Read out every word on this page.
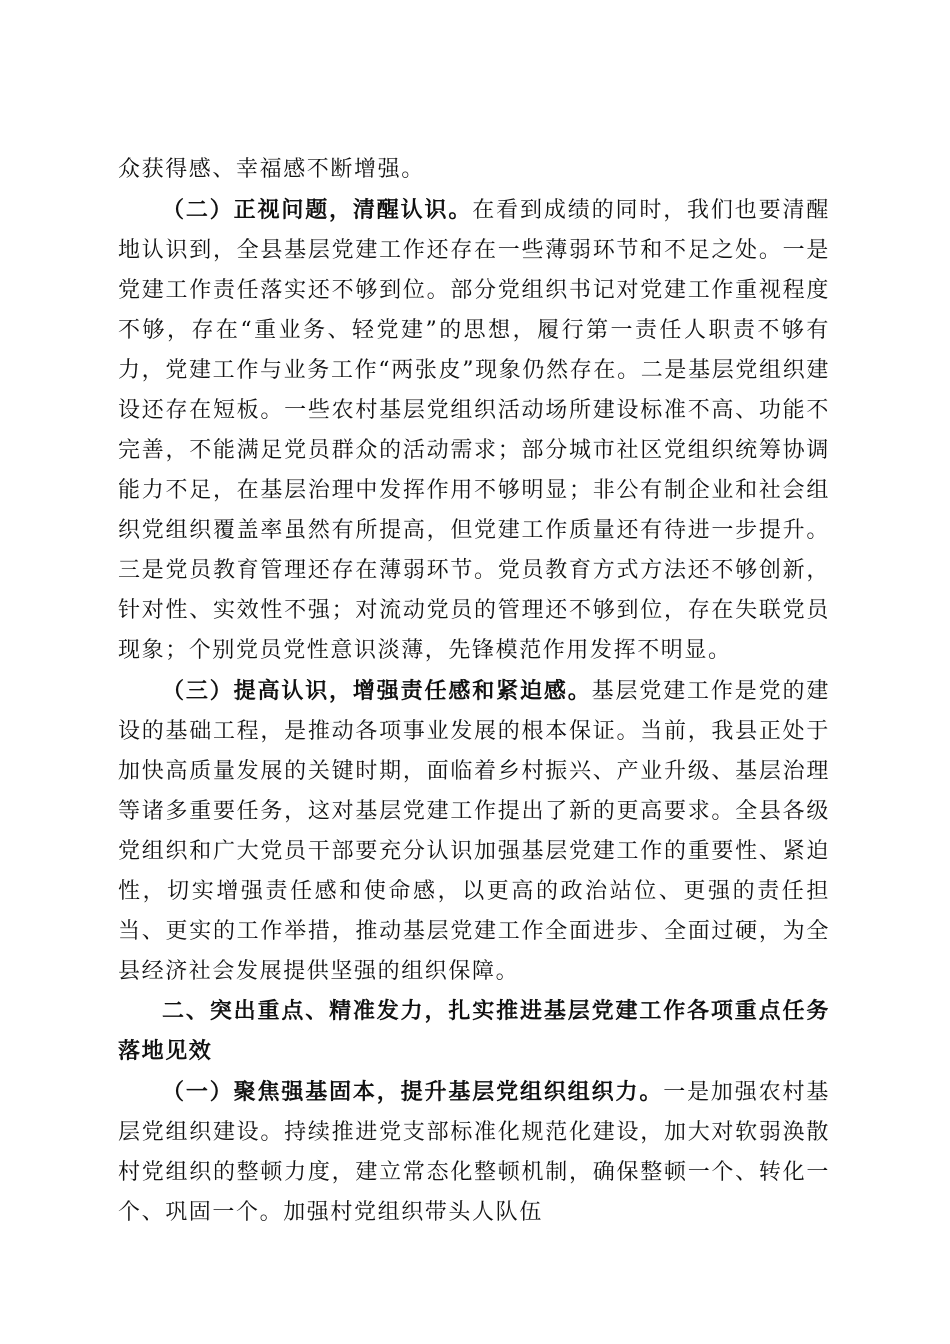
众获得感、幸福感不断增强。

（二）正视问题，清醒认识。在看到成绩的同时，我们也要清醒地认识到，全县基层党建工作还存在一些薄弱环节和不足之处。一是党建工作责任落实还不够到位。部分党组织书记对党建工作重视程度不够，存在“重业务、轻党建”的思想，履行第一责任人职责不够有力，党建工作与业务工作“两张皮”现象仍然存在。二是基层党组织建设还存在短板。一些农村基层党组织活动场所建设标准不高、功能不完善，不能满足党员群众的活动需求；部分城市社区党组织统筹协调能力不足，在基层治理中发挥作用不够明显；非公有制企业和社会组织党组织覆盖率虽然有所提高，但党建工作质量还有待进一步提升。三是党员教育管理还存在薄弱环节。党员教育方式方法还不够创新，针对性、实效性不强；对流动党员的管理还不够到位，存在失联党员现象；个别党员党性意识淡薄，先锋模范作用发挥不明显。

（三）提高认识，增强责任感和紧迫感。基层党建工作是党的建设的基础工程，是推动各项事业发展的根本保证。当前，我县正处于加快高质量发展的关键时期，面临着乡村振兴、产业升级、基层治理等诸多重要任务，这对基层党建工作提出了新的更高要求。全县各级党组织和广大党员干部要充分认识加强基层党建工作的重要性、紧迫性，切实增强责任感和使命感，以更高的政治站位、更强的责任担当、更实的工作举措，推动基层党建工作全面进步、全面过硬，为全县经济社会发展提供坚强的组织保障。

二、突出重点、精准发力，扎实推进基层党建工作各项重点任务落地见效

（一）聚焦强基固本，提升基层党组织组织力。一是加强农村基层党组织建设。持续推进党支部标准化规范化建设，加大对软弱涣散村党组织的整顿力度，建立常态化整顿机制，确保整顿一个、转化一个、巩固一个。加强村党组织带头人队伍
